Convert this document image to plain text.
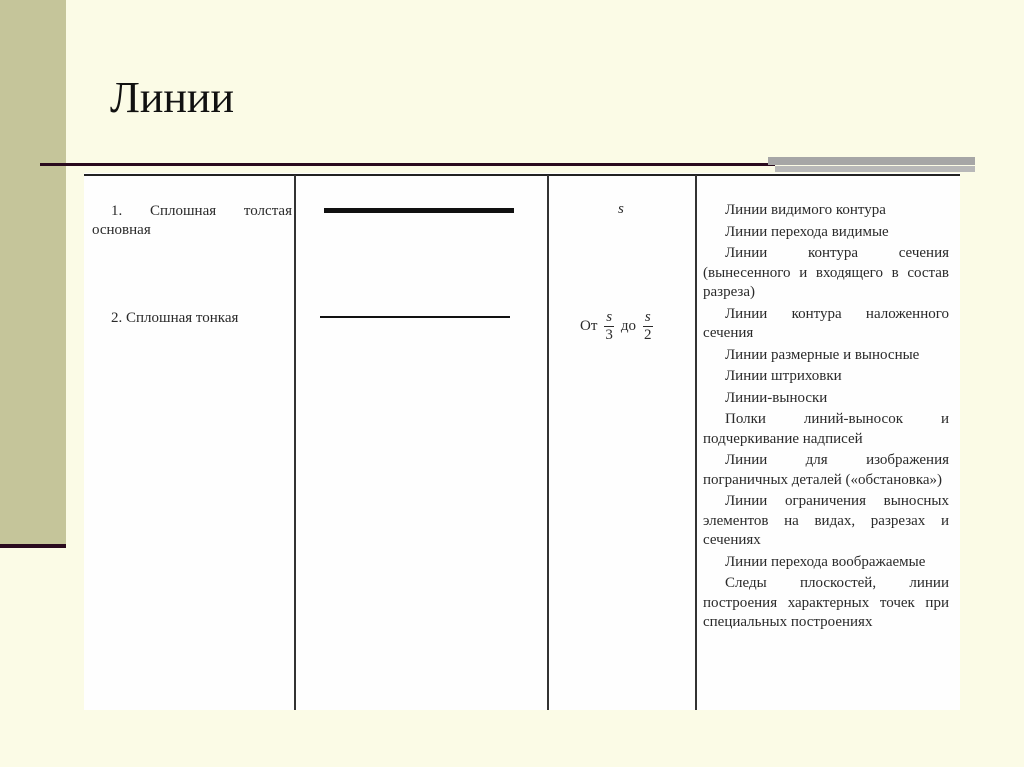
Линии
1. Сплошная толстая основная
2. Сплошная тонкая
s
От $\frac{s}{3}$ до $\frac{s}{2}$
Линии видимого контура
Линии перехода видимые
Линии контура сечения (вынесенного и входящего в состав разреза)
Линии контура наложенного сечения
Линии размерные и выносные
Линии штриховки
Линии-выноски
Полки линий-выносок и подчеркивание надписей
Линии для изображения пограничных деталей («обстановка»)
Линии ограничения выносных элементов на видах, разрезах и сечениях
Линии перехода воображаемые
Следы плоскостей, линии построения характерных точек при специальных построениях
